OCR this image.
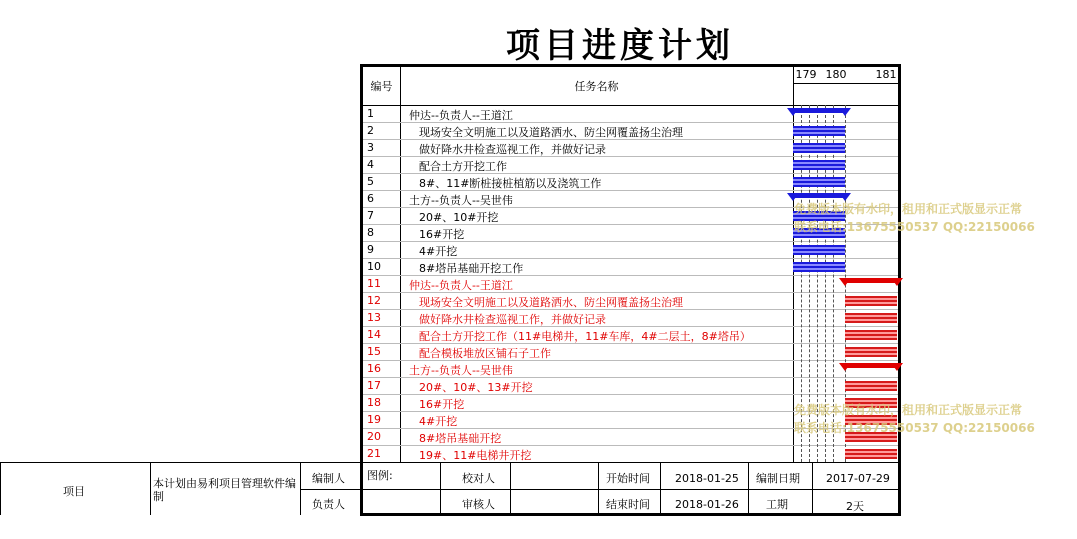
项目进度计划
编号	任务名称
179 180	181
1	仲达--负责人--王道江
2	现场安全文明施工以及道路洒水、防尘网覆盖扬尘治理
3	做好降水井检查巡视工作，并做好记录
4	配合土方开挖工作
5	8#、11#断桩接桩植筋以及浇筑工作
6	土方--负责人--吴世伟
7	20#、10#开挖
8	16#开挖
9	4#开挖
10	8#塔吊基础开挖工作
11	仲达--负责人--王道江
12	现场安全文明施工以及道路洒水、防尘网覆盖扬尘治理
13	做好降水井检查巡视工作，并做好记录
14	配合土方开挖工作（11#电梯井，11#车库，4#二层土，8#塔吊）
15	配合模板堆放区铺石子工作
16	土方--负责人--吴世伟
17	20#、10#、13#开挖
18	16#开挖
19	4#开挖
20	8#塔吊基础开挖
21	19#、11#电梯井开挖
免费版本版有水印，租用和正式版显示正常
联系电话:13675550537 QQ:22150066
免费版本版有水印，租用和正式版显示正常
联系电话:13675550537 QQ:22150066
图例:	校对人
审核人
开始时间 2018-01-25
结束时间 2018-01-26
编制日期 2017-07-29
工期	2天
项目
本计划由易利项目管理软件编制
编制人
负责人
